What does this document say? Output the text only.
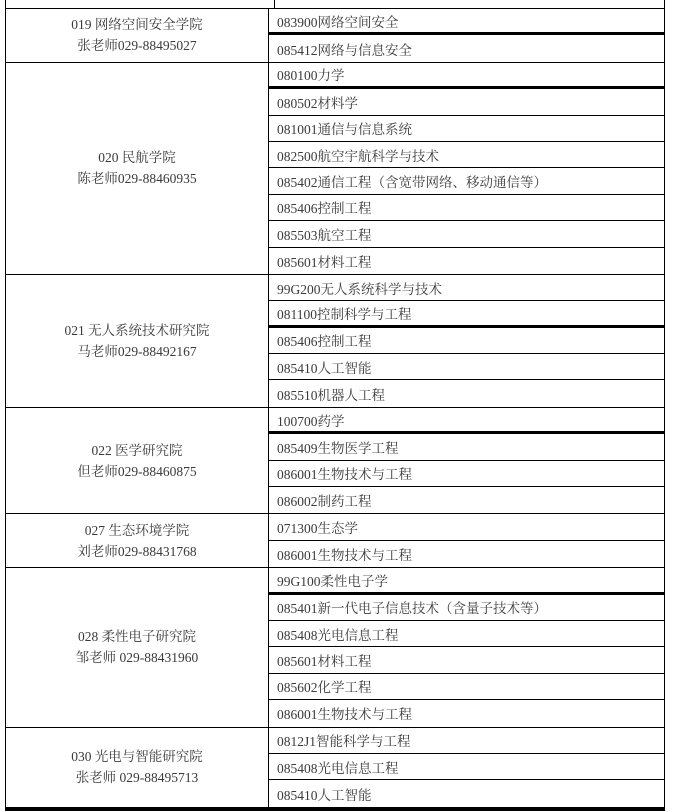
019 网络空间安全学院
张老师029-88495027
083900网络空间安全
085412网络与信息安全
020 民航学院
陈老师029-88460935
080100力学
080502材料学
081001通信与信息系统
082500航空宇航科学与技术
085402通信工程（含宽带网络、移动通信等）
085406控制工程
085503航空工程
085601材料工程
021 无人系统技术研究院
马老师029-88492167
99G200无人系统科学与技术
081100控制科学与工程
085406控制工程
085410人工智能
085510机器人工程
022 医学研究院
但老师029-88460875
100700药学
085409生物医学工程
086001生物技术与工程
086002制药工程
027 生态环境学院
刘老师029-88431768
071300生态学
086001生物技术与工程
028 柔性电子研究院
邹老师 029-88431960
99G100柔性电子学
085401新一代电子信息技术（含量子技术等）
085408光电信息工程
085601材料工程
085602化学工程
086001生物技术与工程
030 光电与智能研究院
张老师 029-88495713
0812J1智能科学与工程
085408光电信息工程
085410人工智能
